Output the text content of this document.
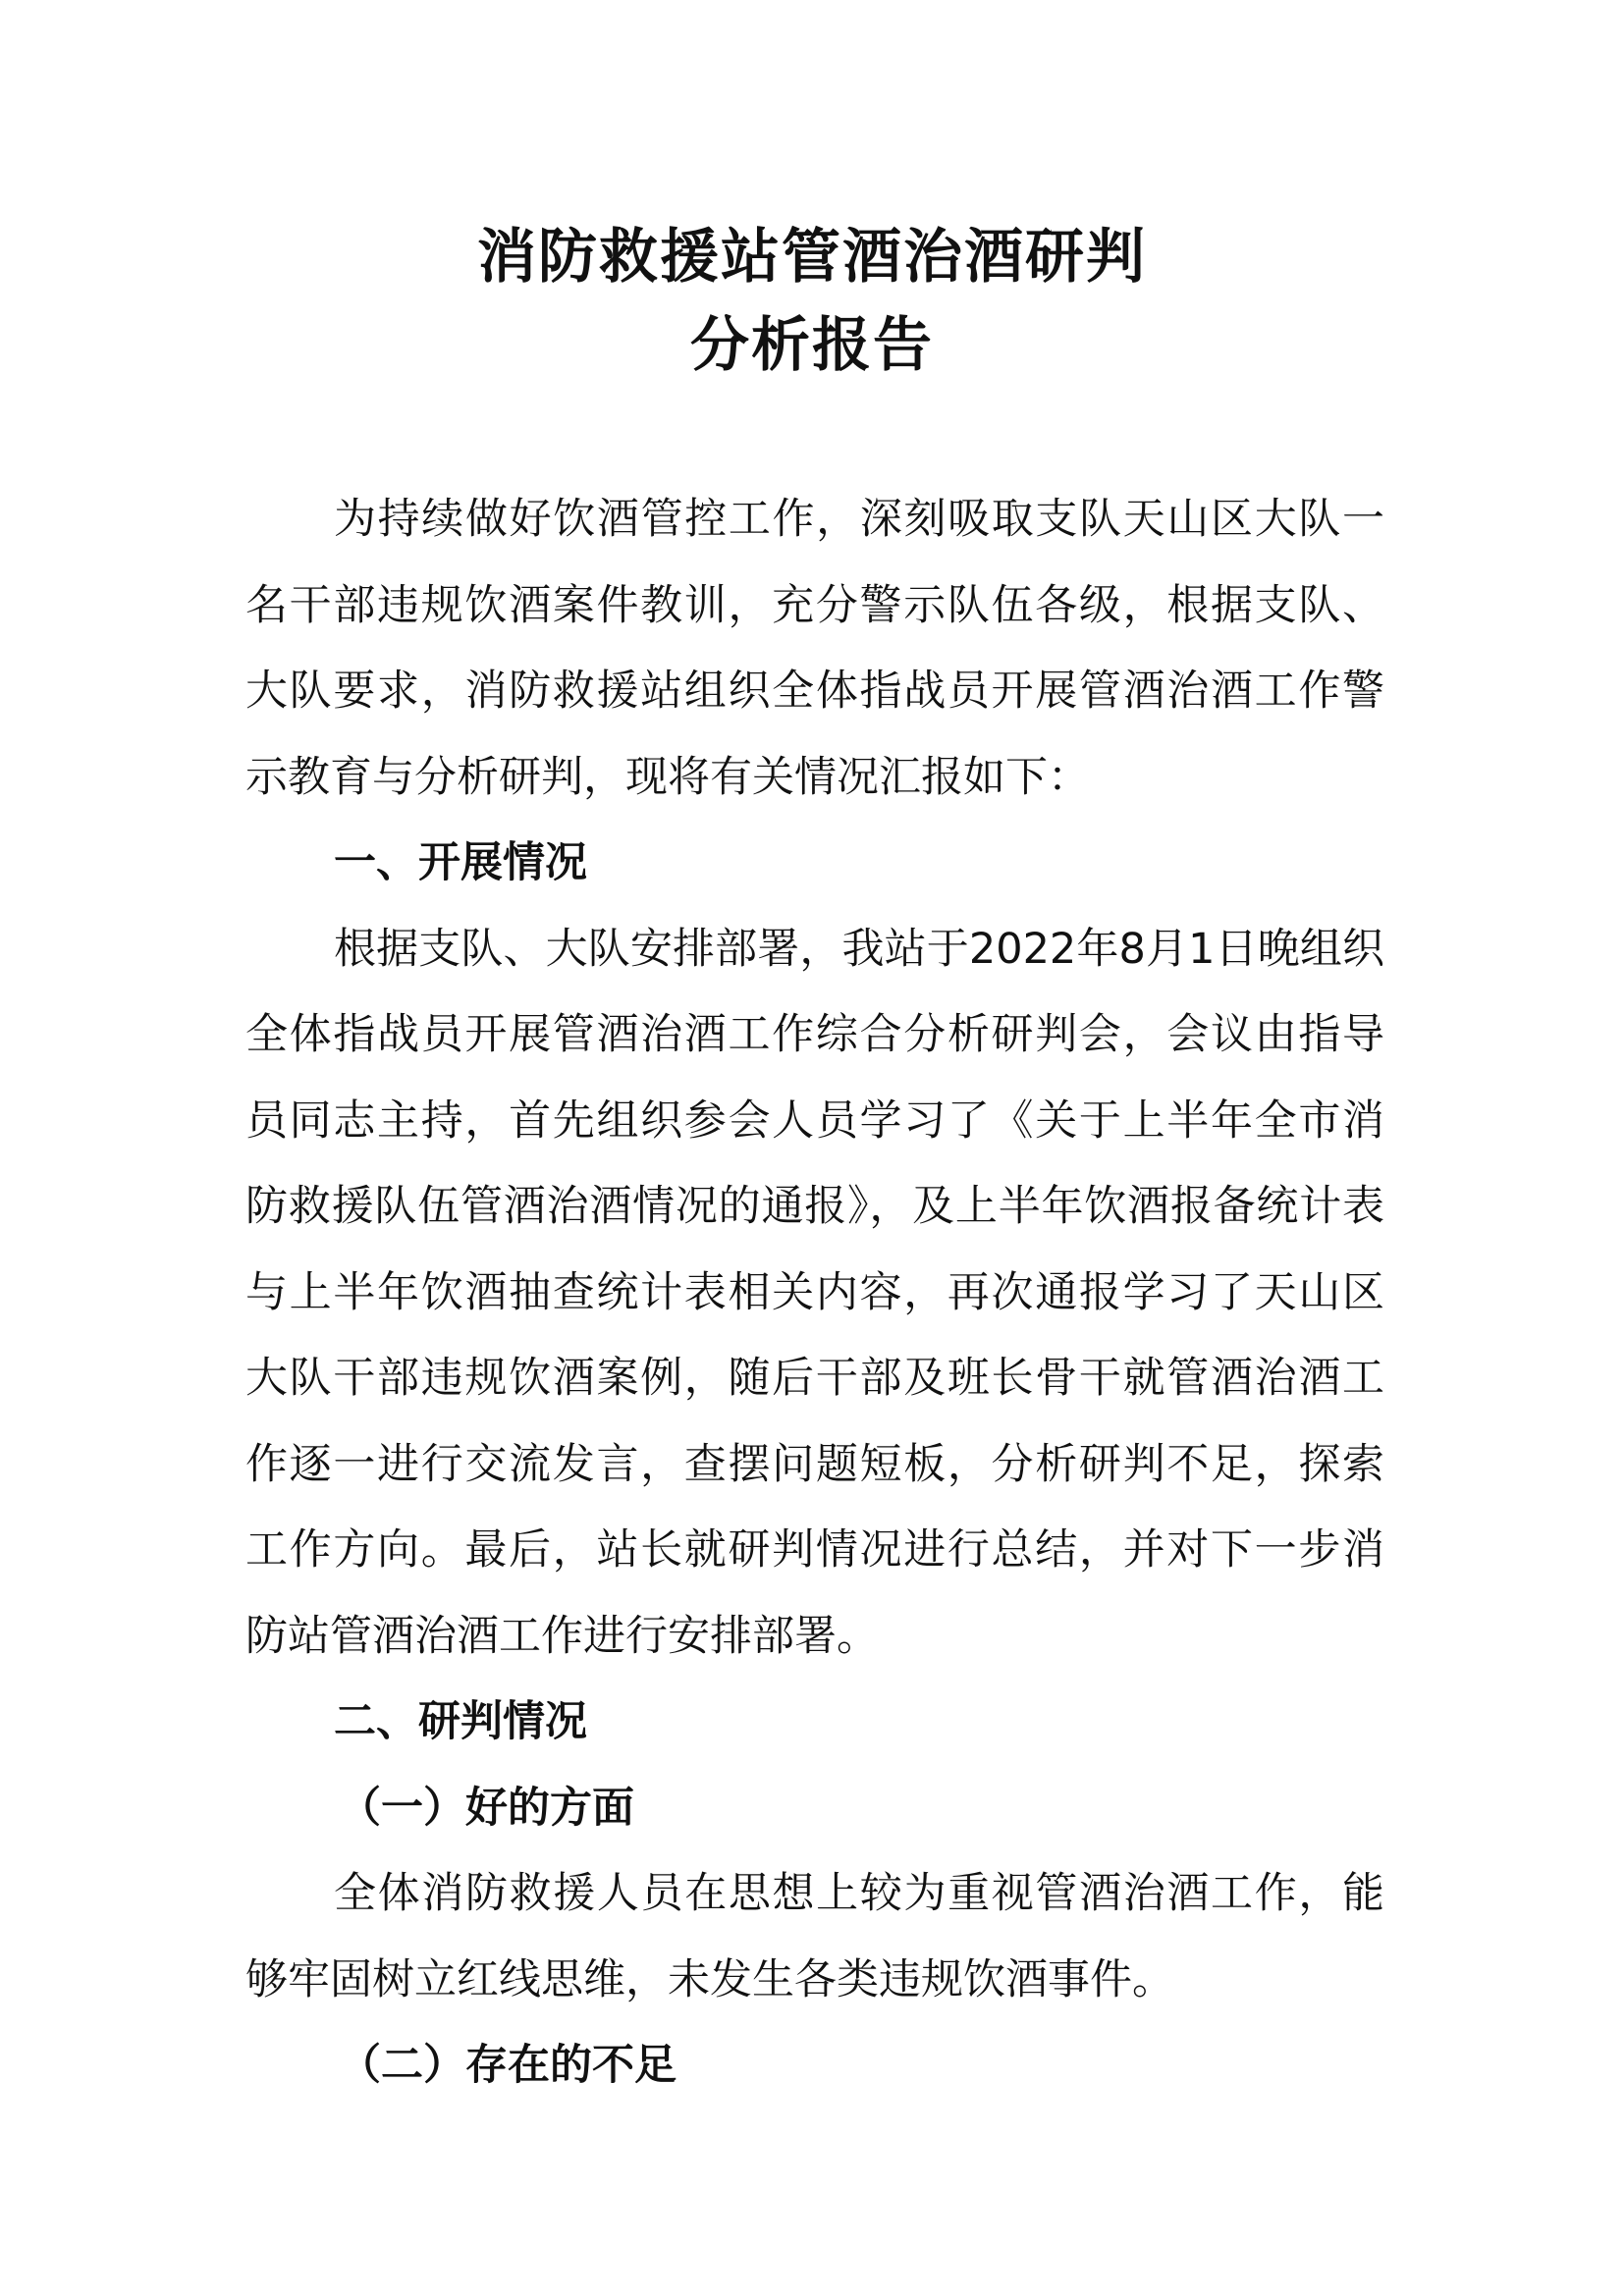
消防救援站管酒治酒研判
分析报告

为持续做好饮酒管控工作，深刻吸取支队天山区大队一名干部违规饮酒案件教训，充分警示队伍各级，根据支队、大队要求，消防救援站组织全体指战员开展管酒治酒工作警示教育与分析研判，现将有关情况汇报如下：

一、开展情况

根据支队、大队安排部署，我站于2022年8月1日晚组织全体指战员开展管酒治酒工作综合分析研判会，会议由指导员同志主持，首先组织参会人员学习了《关于上半年全市消防救援队伍管酒治酒情况的通报》，及上半年饮酒报备统计表与上半年饮酒抽查统计表相关内容，再次通报学习了天山区大队干部违规饮酒案例，随后干部及班长骨干就管酒治酒工作逐一进行交流发言，查摆问题短板，分析研判不足，探索工作方向。最后，站长就研判情况进行总结，并对下一步消防站管酒治酒工作进行安排部署。

二、研判情况

（一）好的方面

全体消防救援人员在思想上较为重视管酒治酒工作，能够牢固树立红线思维，未发生各类违规饮酒事件。

（二）存在的不足
